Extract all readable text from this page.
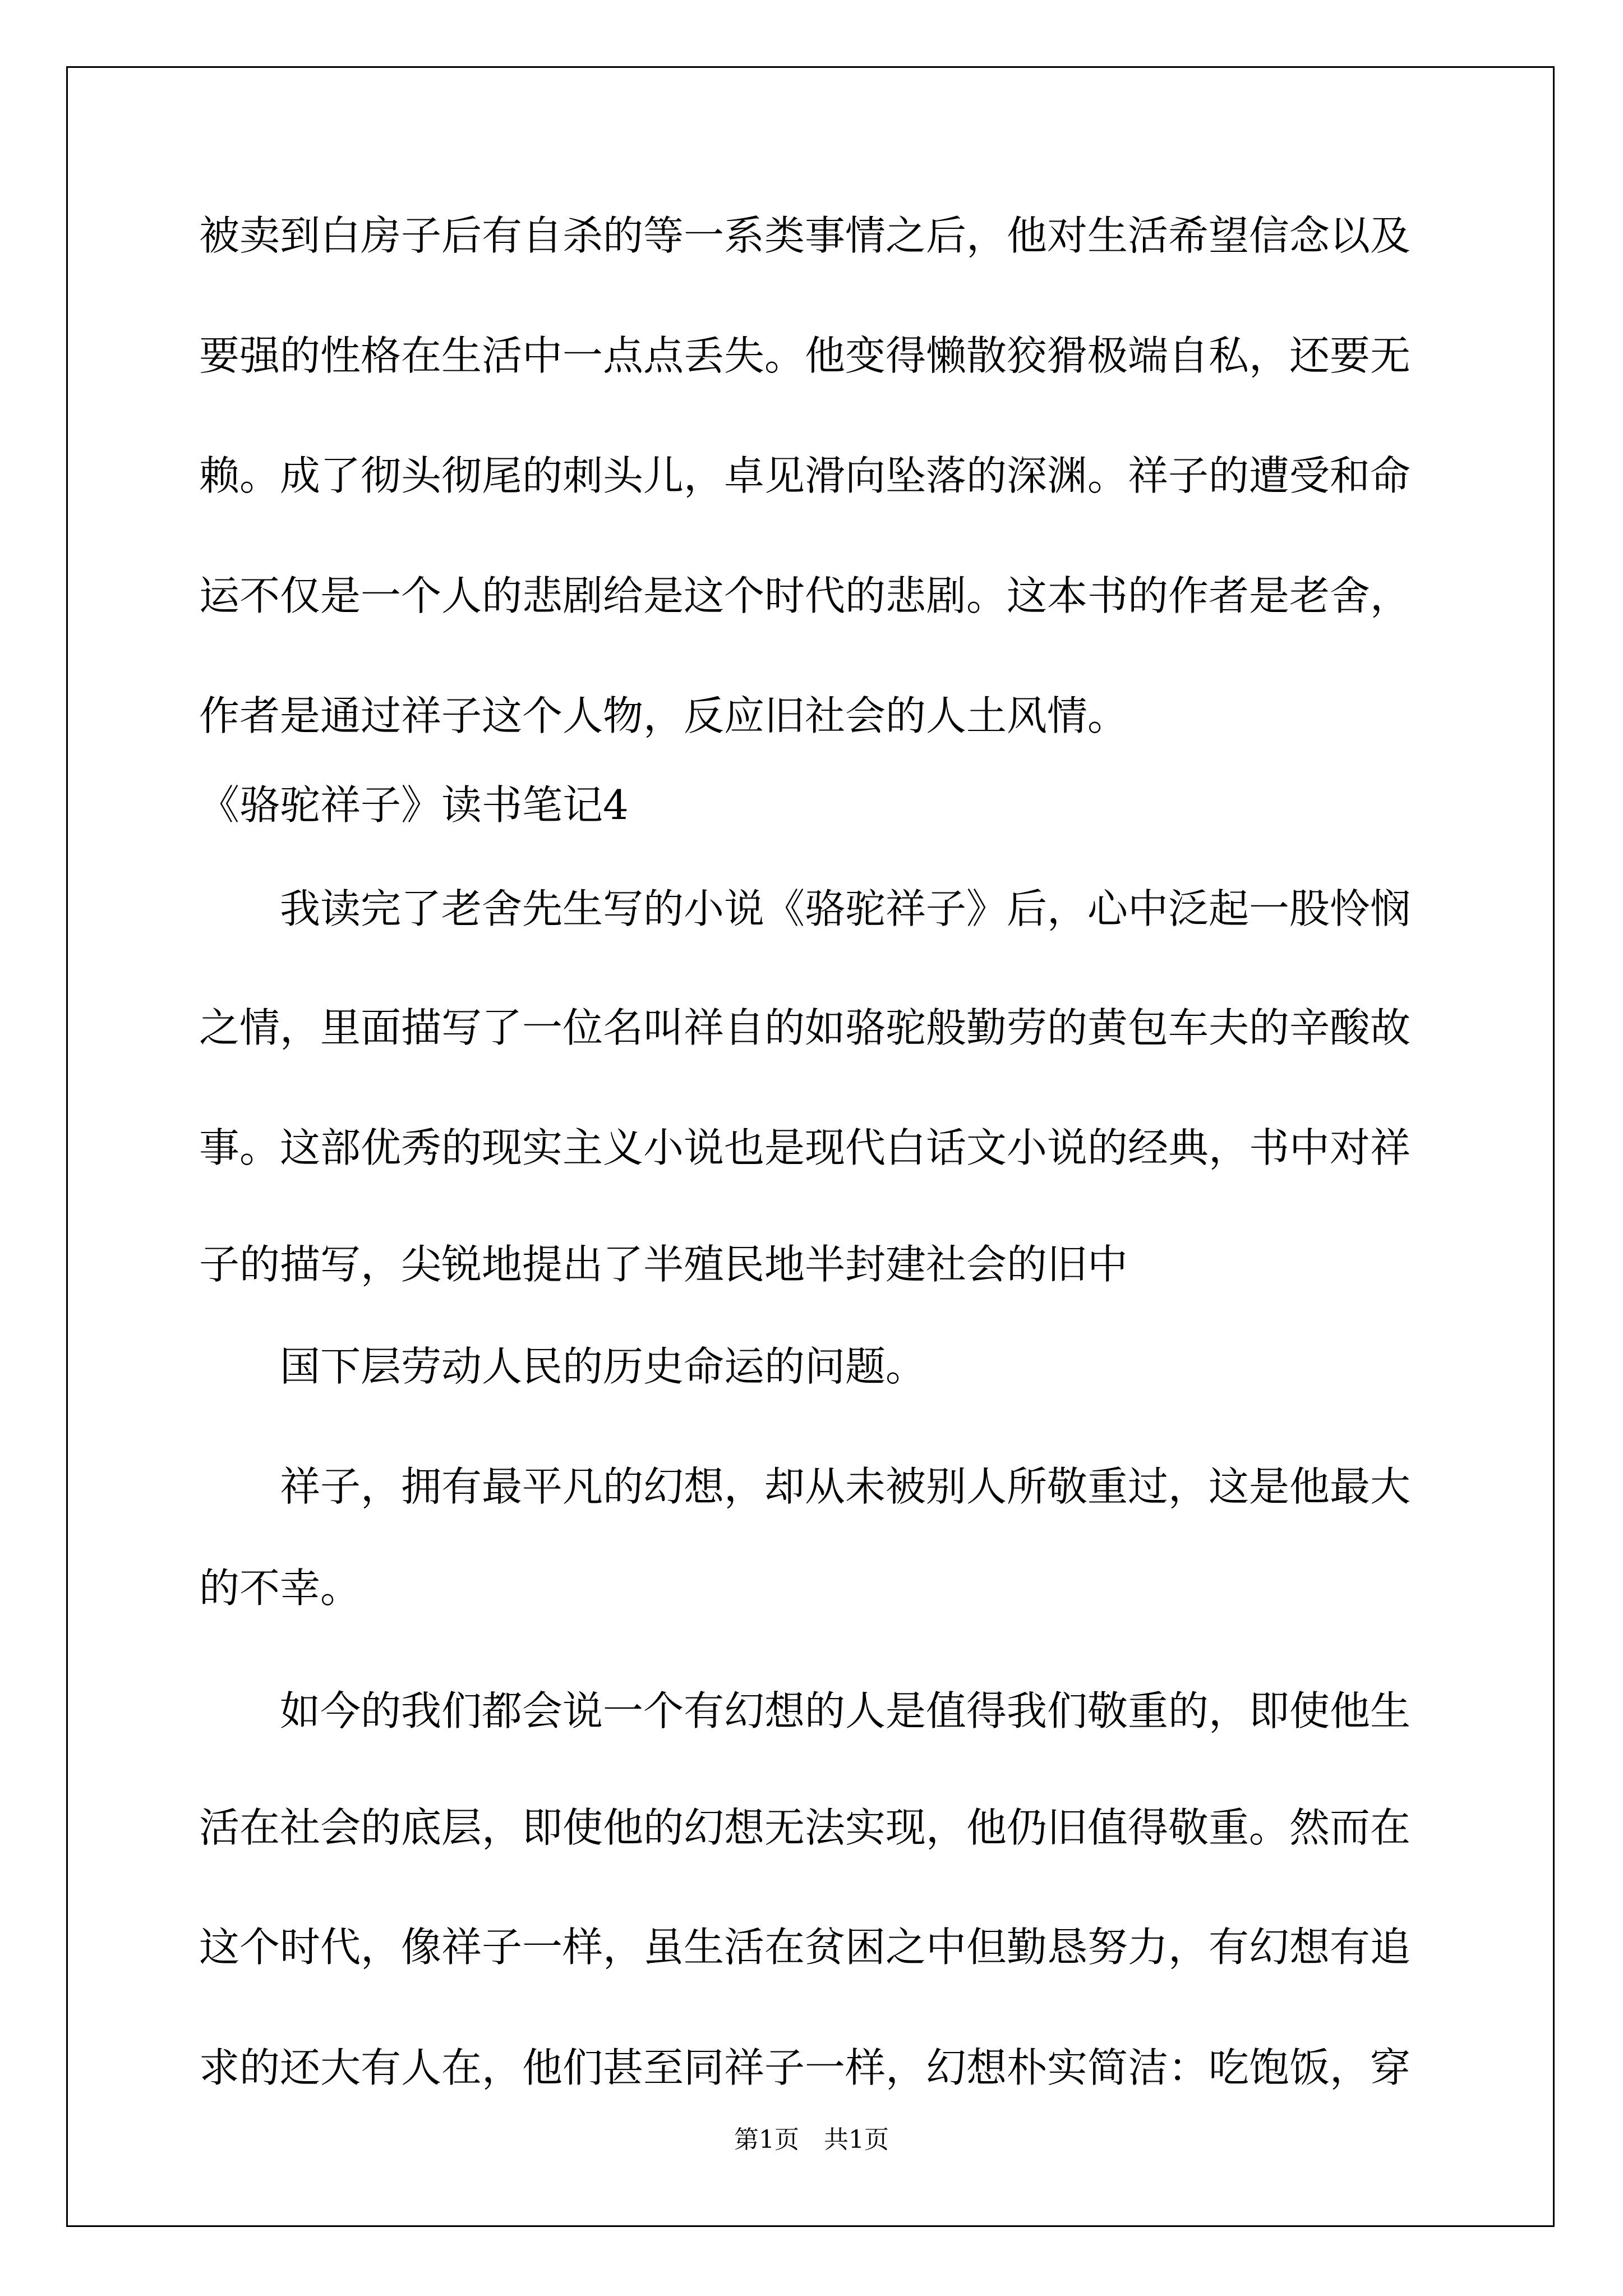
被卖到白房子后有自杀的等一系类事情之后，他对生活希望信念以及
要强的性格在生活中一点点丢失。他变得懒散狡猾极端自私，还要无
赖。成了彻头彻尾的刺头儿，卓见滑向坠落的深渊。祥子的遭受和命
运不仅是一个人的悲剧给是这个时代的悲剧。这本书的作者是老舍，
作者是通过祥子这个人物，反应旧社会的人土风情。
《骆驼祥子》读书笔记4
我读完了老舍先生写的小说《骆驼祥子》后，心中泛起一股怜悯
之情，里面描写了一位名叫祥自的如骆驼般勤劳的黄包车夫的辛酸故
事。这部优秀的现实主义小说也是现代白话文小说的经典，书中对祥
子的描写，尖锐地提出了半殖民地半封建社会的旧中
国下层劳动人民的历史命运的问题。
祥子，拥有最平凡的幻想，却从未被别人所敬重过，这是他最大
的不幸。
如今的我们都会说一个有幻想的人是值得我们敬重的，即使他生
活在社会的底层，即使他的幻想无法实现，他仍旧值得敬重。然而在
这个时代，像祥子一样，虽生活在贫困之中但勤恳努力，有幻想有追
求的还大有人在，他们甚至同祥子一样，幻想朴实简洁：吃饱饭，穿
第1页　共1页
